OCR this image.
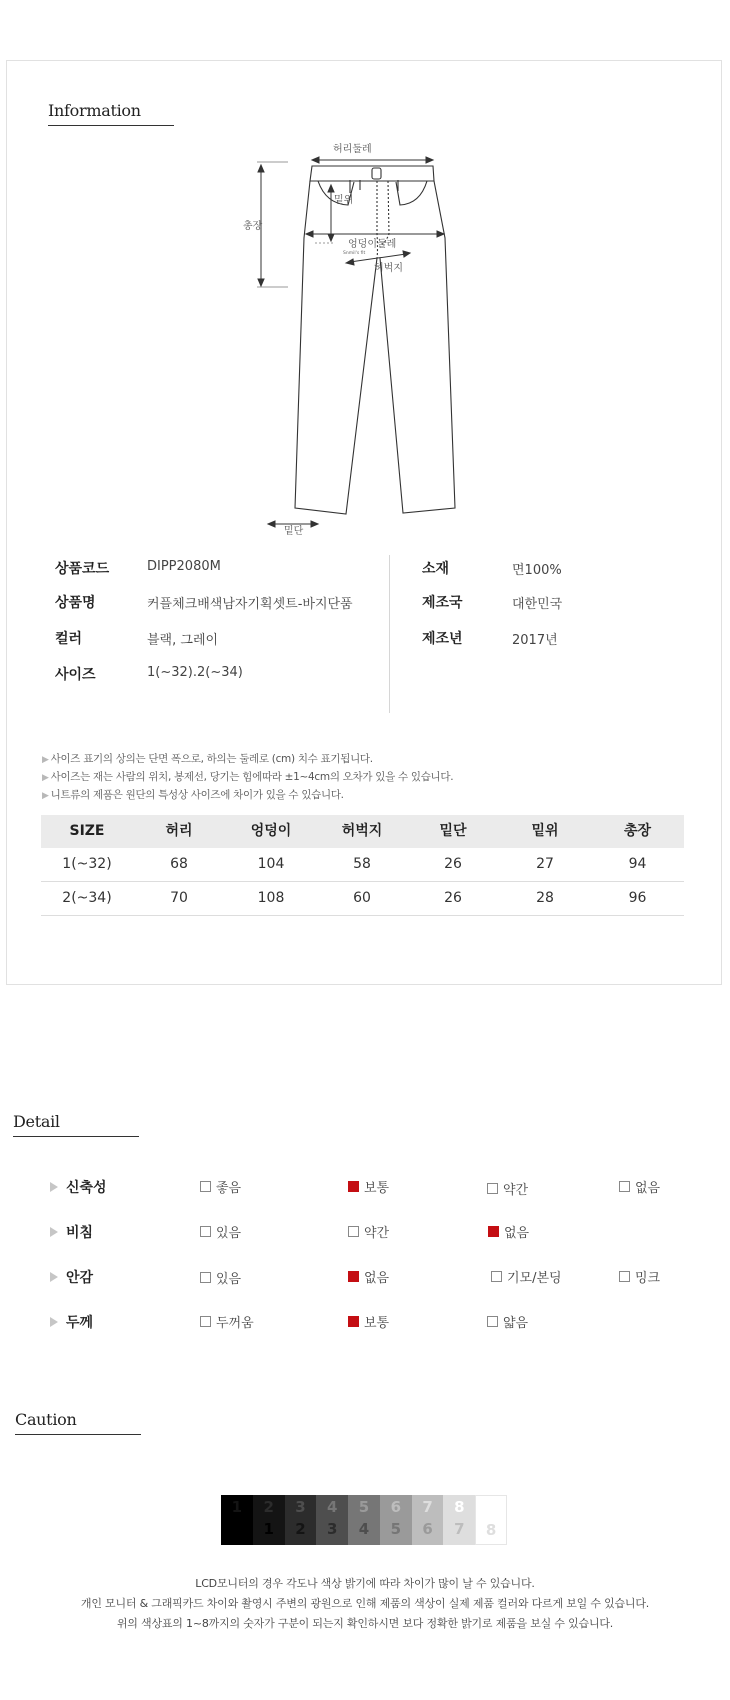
Information
Snmil's fit
허리둘레
밑위
총장
엉덩이둘레
허벅지
밑단
상품코드	DIPP2080M
상품명	커플체크배색남자기획셋트-바지단품
컬러	블랙, 그레이
사이즈	1(~32).2(~34)
소재	면100%
제조국	대한민국
제조년	2017년
▶ 사이즈 표기의 상의는 단면 폭으로, 하의는 둘레로 (cm) 치수 표기됩니다.
▶ 사이즈는 재는 사람의 위치, 봉제선, 당기는 힘에따라 ±1~4cm의 오차가 있을 수 있습니다.
▶ 니트류의 제품은 원단의 특성상 사이즈에 차이가 있을 수 있습니다.
SIZE	허리	엉덩이	허벅지	밑단	밑위	총장
1(~32)	68	104	58	26	27	94
2(~34)	70	108	60	26	28	96
Detail
신축성	좋음	보통	약간	없음
비침	있음	약간	없음
안감	있음	없음	기모/본딩	밍크
두께	두꺼움	보통	얇음
Caution
1	2
1
3
2
4
3
5
4
6
5
7
6
8
7	8
LCD모니터의 경우 각도나 색상 밝기에 따라 차이가 많이 날 수 있습니다.
개인 모니터 & 그래픽카드 차이와 촬영시 주변의 광원으로 인해 제품의 색상이 실제 제품 컬러와 다르게 보일 수 있습니다.
위의 색상표의 1~8까지의 숫자가 구분이 되는지 확인하시면 보다 정확한 밝기로 제품을 보실 수 있습니다.
